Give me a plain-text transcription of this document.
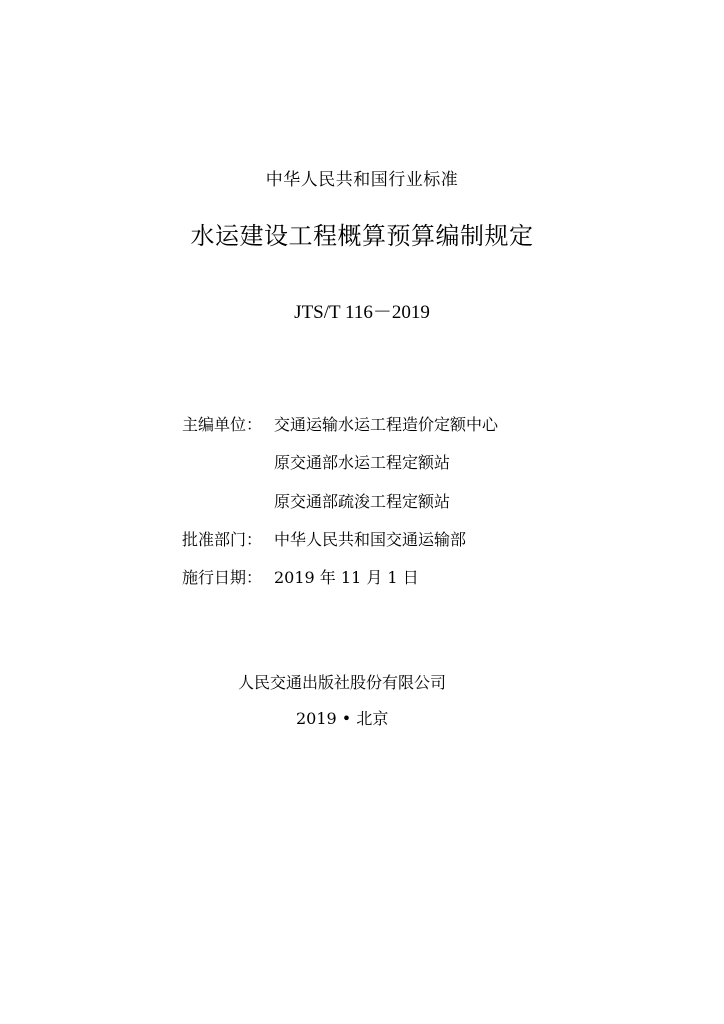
中华人民共和国行业标准
水运建设工程概算预算编制规定
JTS/T 116－2019
主编单位： 交通运输水运工程造价定额中心
原交通部水运工程定额站
原交通部疏浚工程定额站
批准部门： 中华人民共和国交通运输部
施行日期： 2019 年 11 月 1 日
人民交通出版社股份有限公司
2019 • 北京
